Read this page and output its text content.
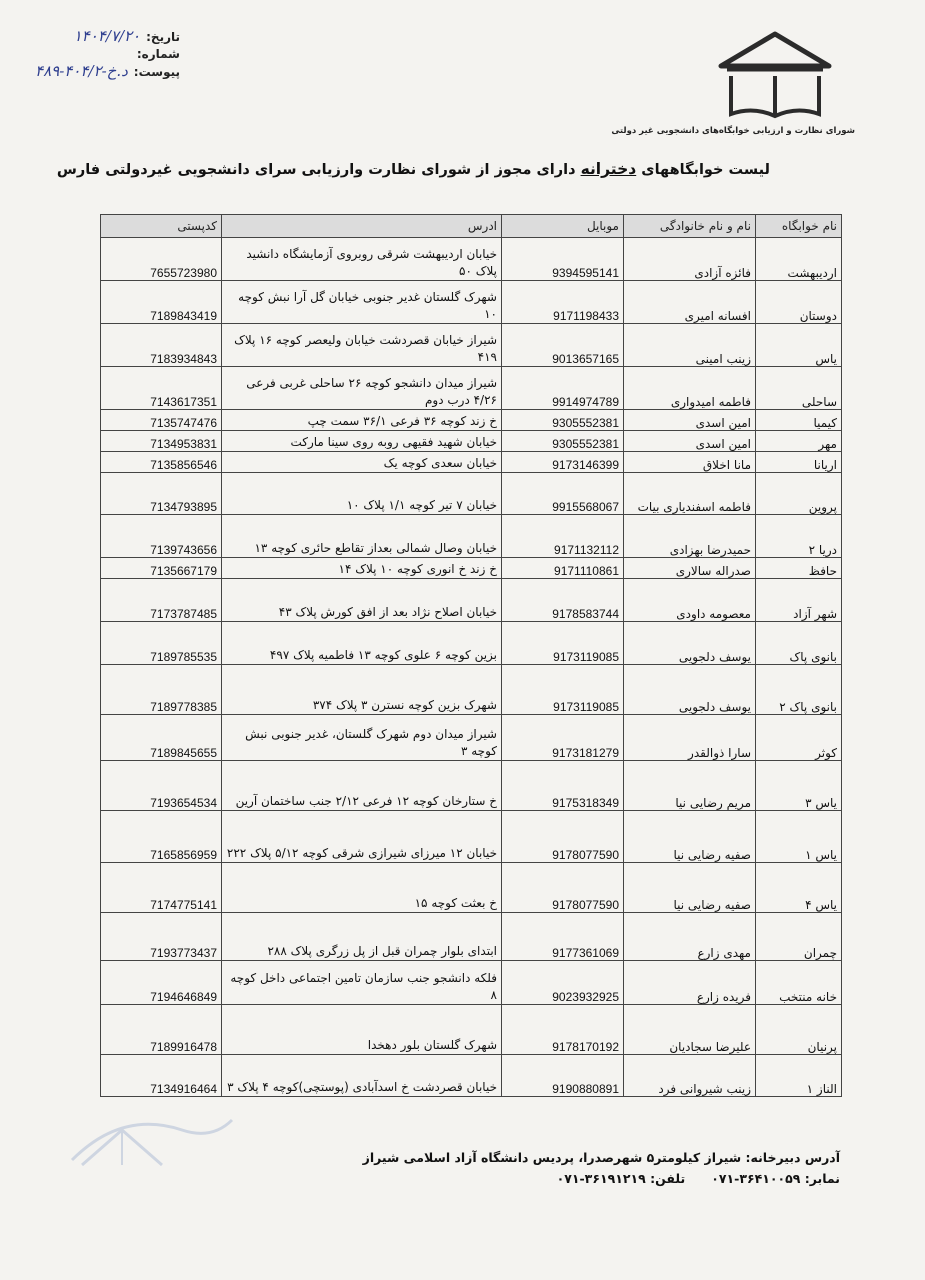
تاریخ:
۱۴۰۴/۷/۲۰
شماره:
پیوست:
۴۸۹-د.خ-۴۰۴/۲
شورای نظارت و ارزیابی خوابگاه‌های دانشجویی غیر دولتی
لیست خوابگاههای دخترانه دارای مجوز از شورای نظارت وارزیابی سرای دانشجویی غیردولتی فارس
نام خوابگاه	نام و نام خانوادگی	موبایل	ادرس	کدپستی
اردیبهشت	فائزه آزادی	9394595141	خیابان اردیبهشت شرقی روبروی آزمایشگاه دانشید پلاک ۵۰	7655723980
دوستان	افسانه امیری	9171198433	شهرک گلستان غدیر جنوبی خیابان گل آرا نبش کوچه ۱۰	7189843419
یاس	زینب امینی	9013657165	شیراز خیابان قصردشت خیابان ولیعصر کوچه ۱۶ پلاک ۴۱۹	7183934843
ساحلی	فاطمه امیدواری	9914974789	شیراز میدان دانشجو کوچه ۲۶ ساحلی غربی فرعی ۴/۲۶ درب دوم	7143617351
کیمیا	امین اسدی	9305552381	خ زند کوچه ۳۶ فرعی ۳۶/۱ سمت چپ	7135747476
مهر	امین اسدی	9305552381	خیابان شهید فقیهی روبه روی سینا مارکت	7134953831
اریانا	مانا اخلاق	9173146399	خیابان سعدی کوچه یک	7135856546
پروین	فاطمه اسفندیاری بیات	9915568067	خیابان ۷ تیر کوچه ۱/۱ پلاک ۱۰	7134793895
دریا ۲	حمیدرضا بهزادی	9171132112	خیابان وصال شمالی بعداز تقاطع حائری کوچه ۱۳	7139743656
حافظ	صدراله سالاری	9171110861	خ زند خ انوری کوچه ۱۰ پلاک ۱۴	7135667179
شهر آزاد	معصومه داودی	9178583744	خیابان اصلاح نژاد بعد از افق کورش پلاک ۴۳	7173787485
بانوی پاک	یوسف دلجویی	9173119085	بزین کوچه ۶ علوی کوچه ۱۳ فاطمیه پلاک ۴۹۷	7189785535
بانوی پاک ۲	یوسف دلجویی	9173119085	شهرک بزین کوچه نسترن ۳ پلاک ۳۷۴	7189778385
کوثر	سارا ذوالقدر	9173181279	شیراز میدان دوم شهرک گلستان، غدیر جنوبی نبش کوچه ۳	7189845655
یاس ۳	مریم رضایی نیا	9175318349	خ ستارخان کوچه ۱۲ فرعی ۲/۱۲ جنب ساختمان آرین	7193654534
یاس ۱	صفیه رضایی نیا	9178077590	خیابان ۱۲ میرزای شیرازی شرقی کوچه ۵/۱۲ پلاک ۲۲۲	7165856959
یاس ۴	صفیه رضایی نیا	9178077590	خ بعثت کوچه ۱۵	7174775141
چمران	مهدی زارع	9177361069	ابتدای بلوار چمران قبل از پل زرگری پلاک ۲۸۸	7193773437
خانه منتخب	فریده زارع	9023932925	فلکه دانشجو جنب سازمان تامین اجتماعی داخل کوچه ۸	7194646849
پرنیان	علیرضا سجادیان	9178170192	شهرک گلستان بلور دهخدا	7189916478
الناز ۱	زینب شیروانی فرد	9190880891	خیابان قصردشت خ اسدآبادی (پوستچی)کوچه ۴ پلاک ۳	7134916464
آدرس دبیرخانه: شیراز کیلومتر۵ شهرصدرا، پردیس دانشگاه آزاد اسلامی شیراز
نمابر: ۰۷۱-۳۶۴۱۰۰۵۹      تلفن: ۰۷۱-۳۶۱۹۱۲۱۹
